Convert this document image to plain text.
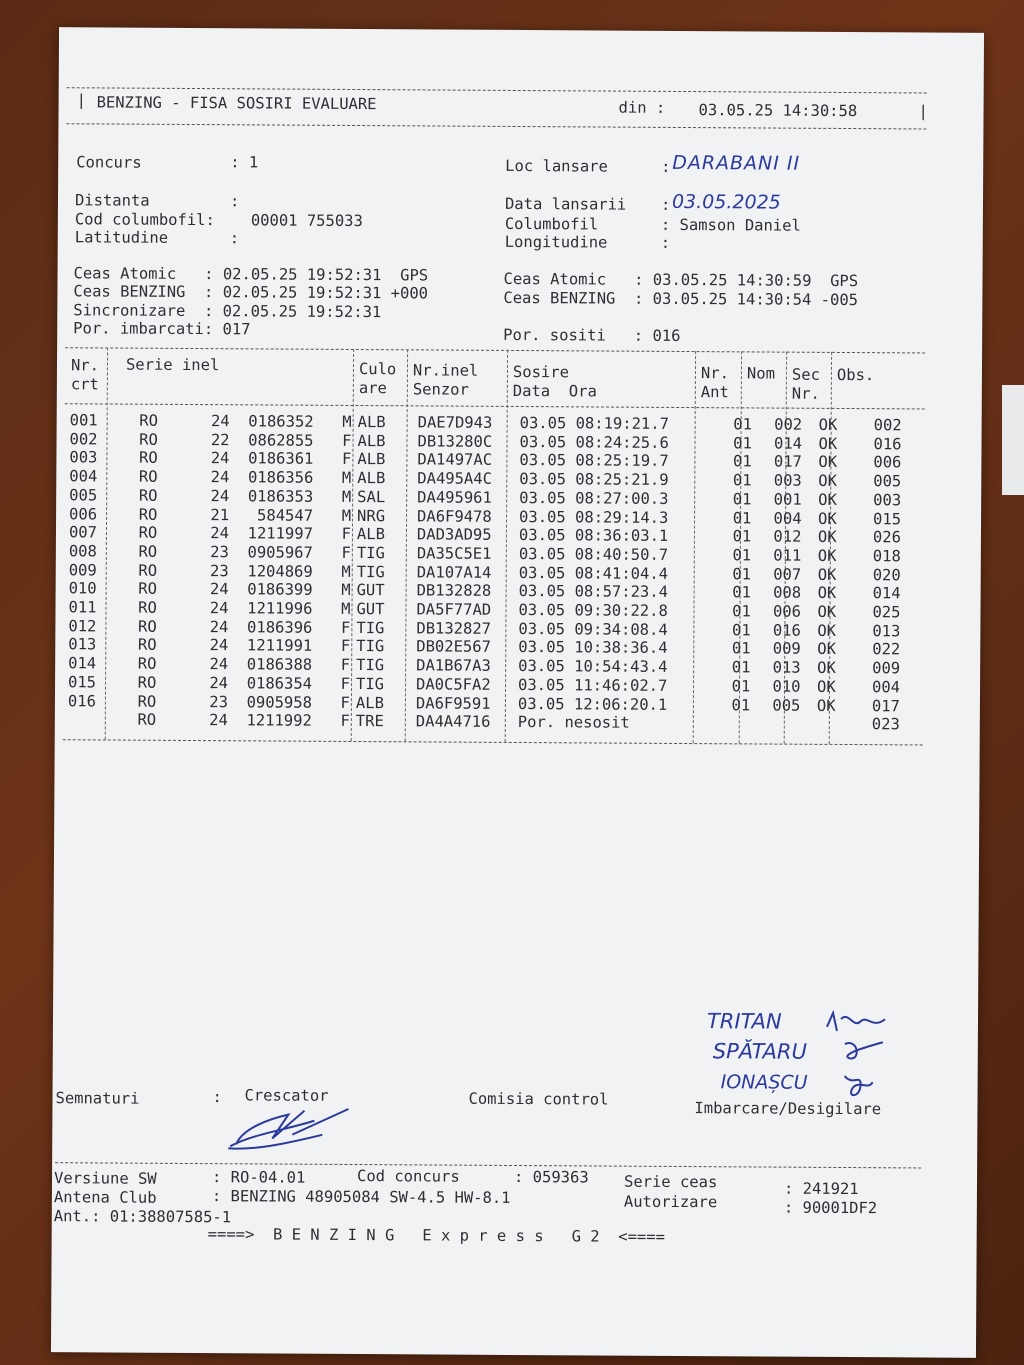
| BENZING - FISA SOSIRI EVALUARE	din : 03.05.25 14:30:58	|
Concurs	: 1	Loc lansare	: DARABANI II
Distanta	:
Cod columbofil: 00001 755033
Latitudine	:
Data lansarii : 03.05.2025
Columbofil	: Samson Daniel
Longitudine	:
Ceas Atomic   : 02.05.25 19:52:31  GPS
Ceas BENZING  : 02.05.25 19:52:31 +000
Sincronizare  : 02.05.25 19:52:31
Por. imbarcati: 017
Ceas Atomic   : 03.05.25 14:30:59  GPS
Ceas BENZING  : 03.05.25 14:30:54 -005
Por. sositi   : 016
Nr.
crt
Serie inel	Culo
are
Nr.inel
Senzor
Sosire
Data  Ora
Nr.
Ant
Nom Sec
Nr.
Obs.
001	RO	24	0186352	M	ALB	DAE7D943	03.05 08:19:21.7	01	002	OK	002
002	RO	22	0862855	F	ALB	DB13280C	03.05 08:24:25.6	01	014	OK	016
003	RO	24	0186361	F	ALB	DA1497AC	03.05 08:25:19.7	01	017	OK	006
004	RO	24	0186356	M	ALB	DA495A4C	03.05 08:25:21.9	01	003	OK	005
005	RO	24	0186353	M	SAL	DA495961	03.05 08:27:00.3	01	001	OK	003
006	RO	21	584547	M	NRG	DA6F9478	03.05 08:29:14.3	01	004	OK	015
007	RO	24	1211997	F	ALB	DAD3AD95	03.05 08:36:03.1	01	012	OK	026
008	RO	23	0905967	F	TIG	DA35C5E1	03.05 08:40:50.7	01	011	OK	018
009	RO	23	1204869	M	TIG	DA107A14	03.05 08:41:04.4	01	007	OK	020
010	RO	24	0186399	M	GUT	DB132828	03.05 08:57:23.4	01	008	OK	014
011	RO	24	1211996	M	GUT	DA5F77AD	03.05 09:30:22.8	01	006	OK	025
012	RO	24	0186396	F	TIG	DB132827	03.05 09:34:08.4	01	016	OK	013
013	RO	24	1211991	F	TIG	DB02E567	03.05 10:38:36.4	01	009	OK	022
014	RO	24	0186388	F	TIG	DA1B67A3	03.05 10:54:43.4	01	013	OK	009
015	RO	24	0186354	F	TIG	DA0C5FA2	03.05 11:46:02.7	01	010	OK	004
016	RO	23	0905958	F	ALB	DA6F9591	03.05 12:06:20.1	01	005	OK	017
	RO	24	1211992	F	TRE	DA4A4716	Por. nesosit				023
TRITAN
SPĂTARU
IONAȘCU
Semnaturi	: Crescator	Comisia control	Imbarcare/Desigilare
Versiune SW	: RO-04.01	Cod concurs	: 059363 Serie ceas	: 241921
Antena Club	: BENZING 48905084 SW-4.5 HW-8.1	Autorizare	: 90001DF2
Ant.: 01:38807585-1
====>  B E N Z I N G   E x p r e s s   G 2  <====
